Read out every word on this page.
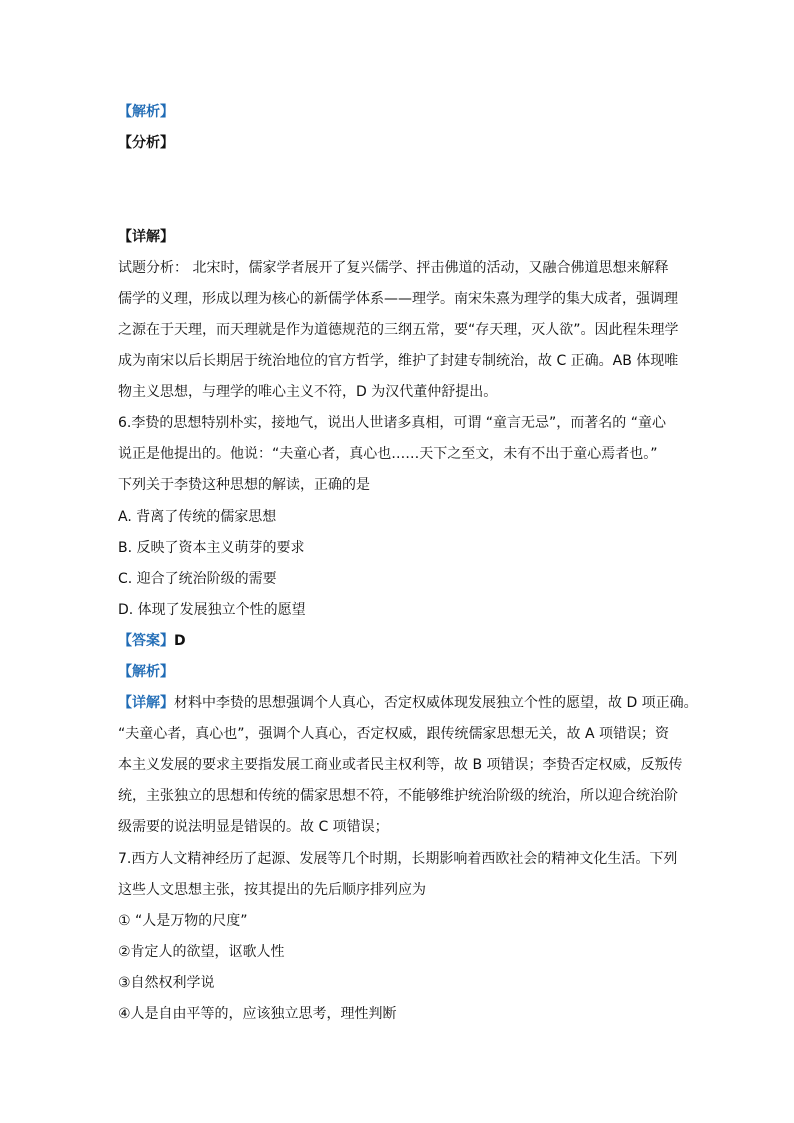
【解析】
【分析】
【详解】
试题分析： 北宋时，儒家学者展开了复兴儒学、抨击佛道的活动，又融合佛道思想来解释
儒学的义理，形成以理为核心的新儒学体系——理学。南宋朱熹为理学的集大成者，强调理
之源在于天理，而天理就是作为道德规范的三纲五常，要“存天理，灭人欲”。因此程朱理学
成为南宋以后长期居于统治地位的官方哲学，维护了封建专制统治，故 C 正确。AB 体现唯
物主义思想，与理学的唯心主义不符，D 为汉代董仲舒提出。
6.李贽的思想特别朴实，接地气，说出人世诸多真相，可谓 “童言无忌”，而著名的 “童心
说正是他提出的。他说：“夫童心者，真心也……天下之至文，未有不出于童心焉者也。”
下列关于李贽这种思想的解读，正确的是
A. 背离了传统的儒家思想
B. 反映了资本主义萌芽的要求
C. 迎合了统治阶级的需要
D. 体现了发展独立个性的愿望
【答案】D
【解析】
【详解】材料中李贽的思想强调个人真心，否定权威体现发展独立个性的愿望，故 D 项正确。
“夫童心者，真心也”，强调个人真心，否定权威，跟传统儒家思想无关，故 A 项错误；资
本主义发展的要求主要指发展工商业或者民主权利等，故 B 项错误；李贽否定权威，反叛传
统，主张独立的思想和传统的儒家思想不符，不能够维护统治阶级的统治，所以迎合统治阶
级需要的说法明显是错误的。故 C 项错误；
7.西方人文精神经历了起源、发展等几个时期，长期影响着西欧社会的精神文化生活。下列
这些人文思想主张，按其提出的先后顺序排列应为
① “人是万物的尺度”
②肯定人的欲望，讴歌人性
③自然权利学说
④人是自由平等的，应该独立思考，理性判断
